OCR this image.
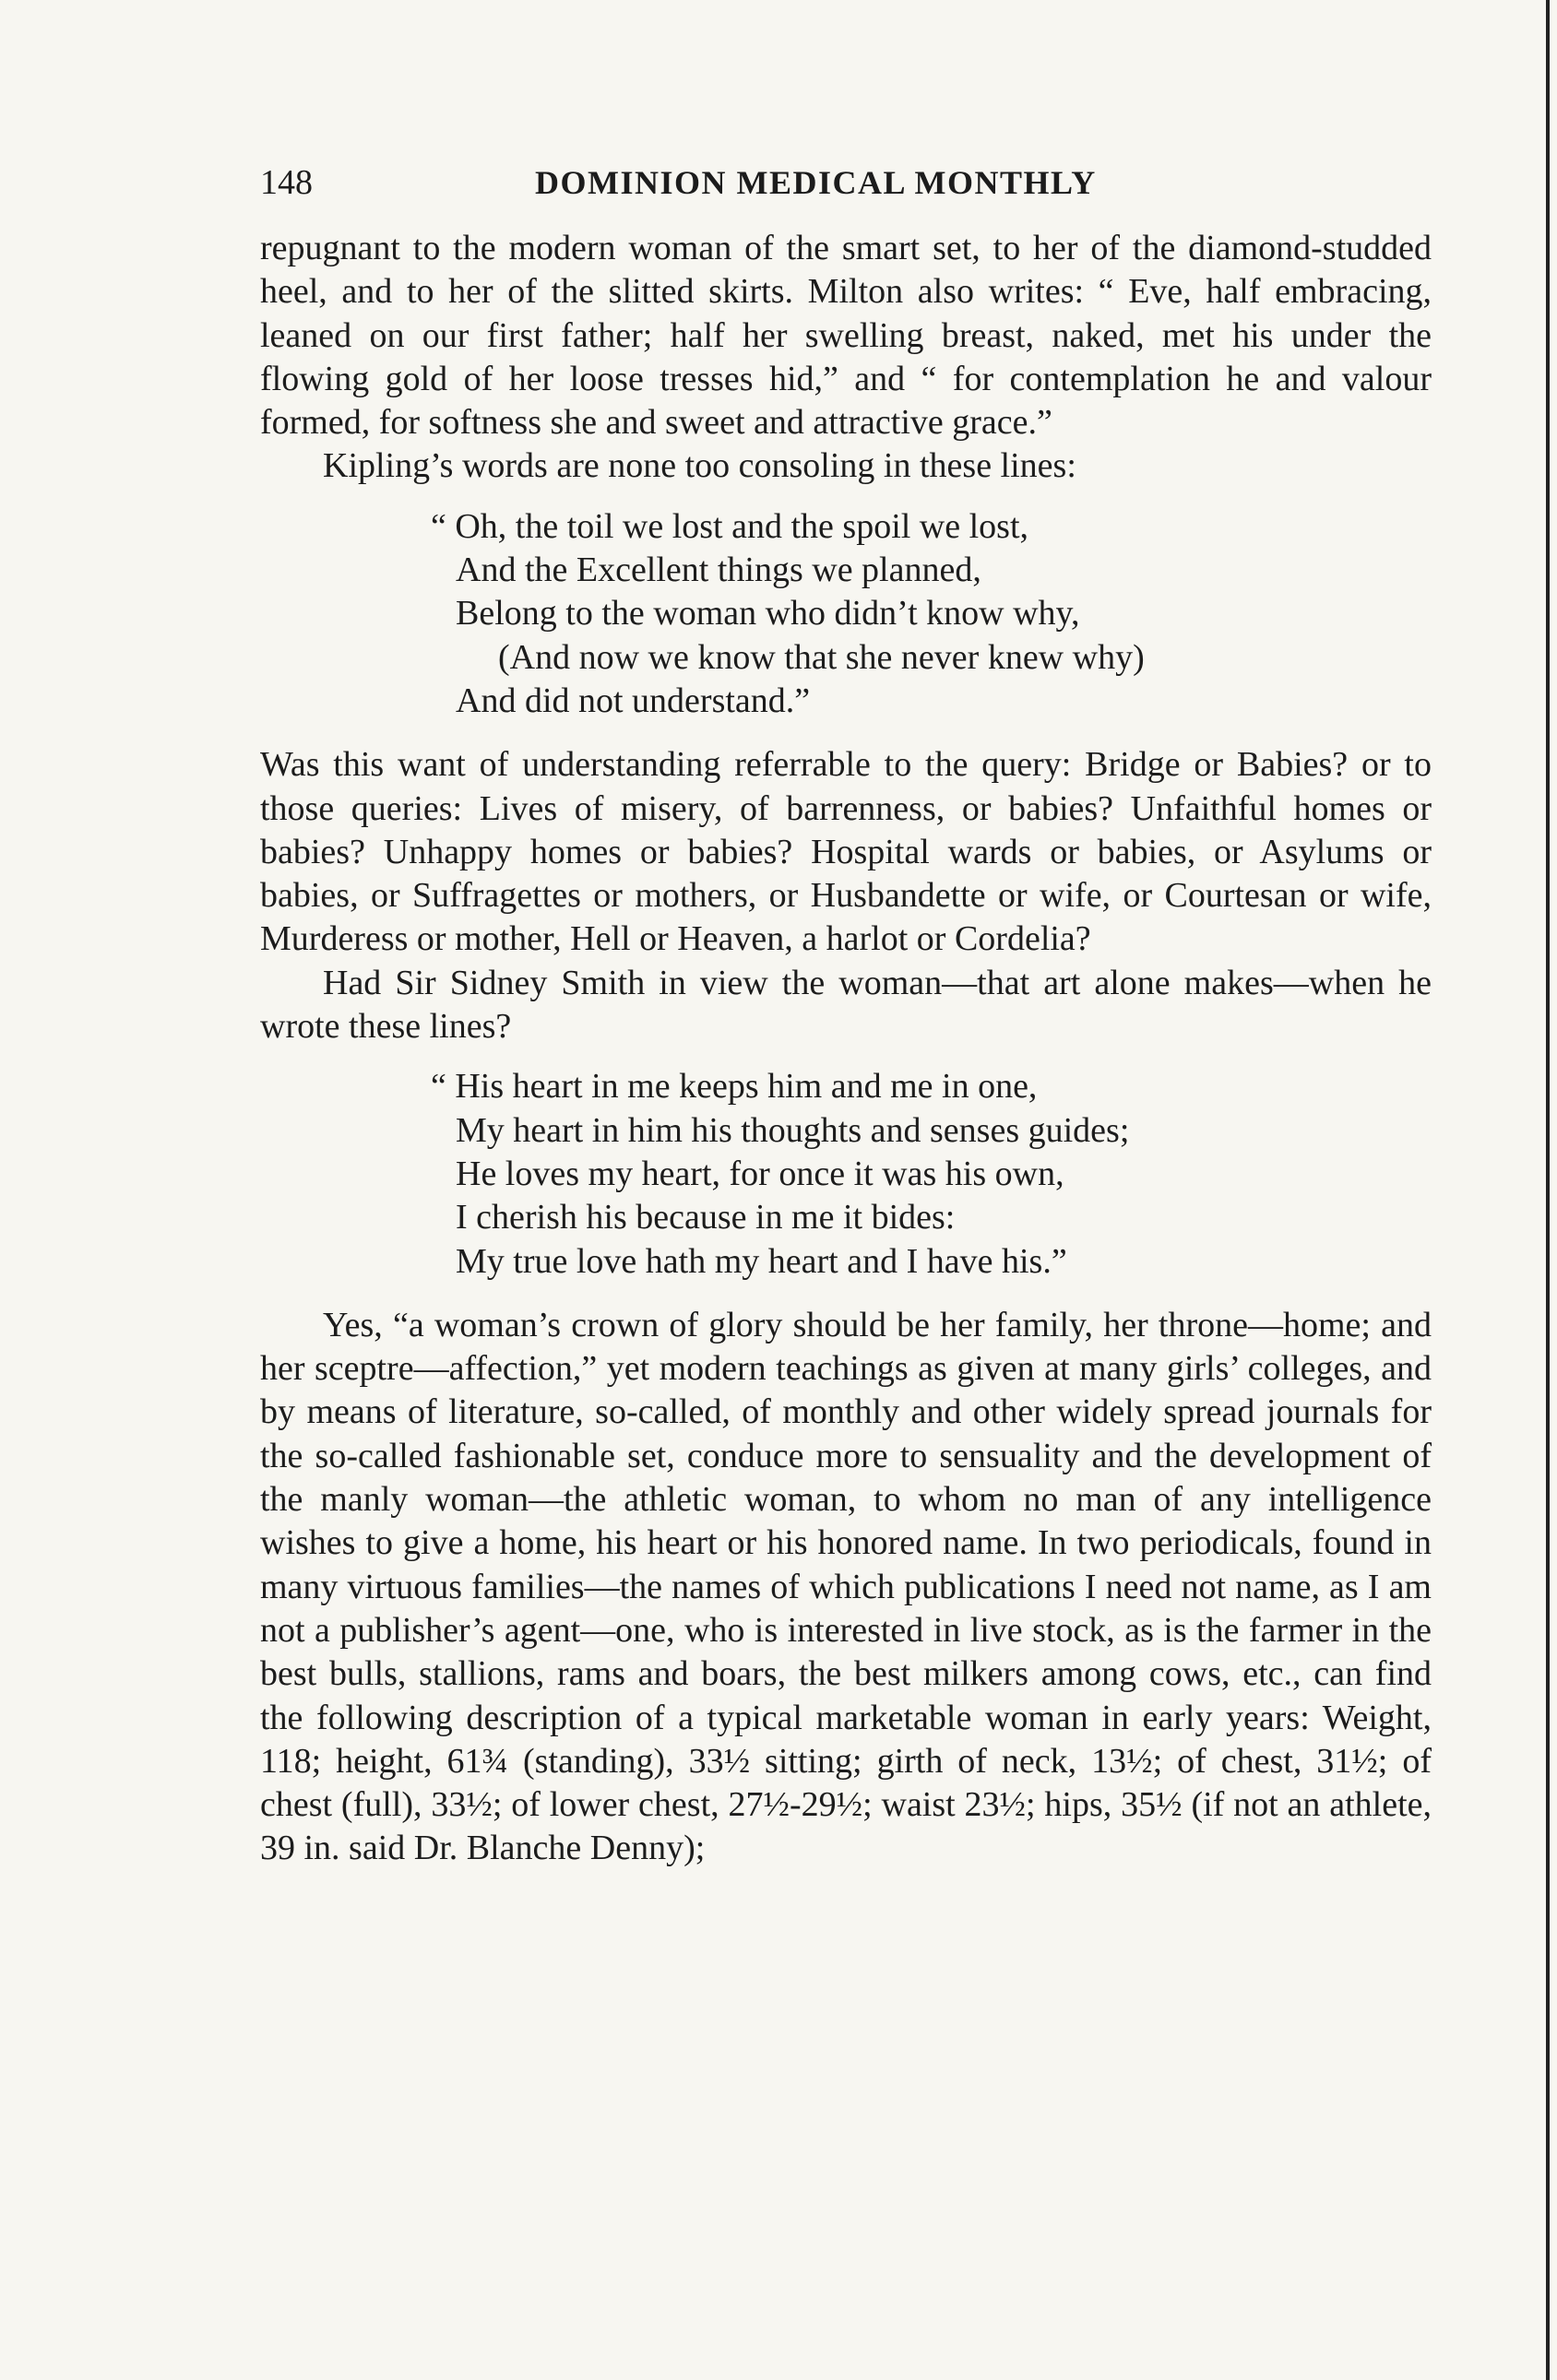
148	DOMINION MEDICAL MONTHLY

repugnant to the modern woman of the smart set, to her of the diamond-studded heel, and to her of the slitted skirts. Milton also writes: “ Eve, half embracing, leaned on our first father; half her swelling breast, naked, met his under the flowing gold of her loose tresses hid,” and “ for contemplation he and valour formed, for softness she and sweet and attractive grace.”

Kipling’s words are none too consoling in these lines:

“ Oh, the toil we lost and the spoil we lost,
And the Excellent things we planned,
Belong to the woman who didn’t know why,
(And now we know that she never knew why)
And did not understand.”

Was this want of understanding referrable to the query: Bridge or Babies? or to those queries: Lives of misery, of barrenness, or babies? Unfaithful homes or babies? Unhappy homes or babies? Hospital wards or babies, or Asylums or babies, or Suffragettes or mothers, or Husbandette or wife, or Courtesan or wife, Murderess or mother, Hell or Heaven, a harlot or Cordelia?

Had Sir Sidney Smith in view the woman—that art alone makes—when he wrote these lines?

“ His heart in me keeps him and me in one,
My heart in him his thoughts and senses guides;
He loves my heart, for once it was his own,
I cherish his because in me it bides:
My true love hath my heart and I have his.”

Yes, “a woman’s crown of glory should be her family, her throne—home; and her sceptre—affection,” yet modern teachings as given at many girls’ colleges, and by means of literature, so-called, of monthly and other widely spread journals for the so-called fashionable set, conduce more to sensuality and the development of the manly woman—the athletic woman, to whom no man of any intelligence wishes to give a home, his heart or his honored name. In two periodicals, found in many virtuous families—the names of which publications I need not name, as I am not a publisher’s agent—one, who is interested in live stock, as is the farmer in the best bulls, stallions, rams and boars, the best milkers among cows, etc., can find the following description of a typical marketable woman in early years: Weight, 118; height, 61¾ (standing), 33½ sitting; girth of neck, 13½; of chest, 31½; of chest (full), 33½; of lower chest, 27½-29½; waist 23½; hips, 35½ (if not an athlete, 39 in. said Dr. Blanche Denny);
